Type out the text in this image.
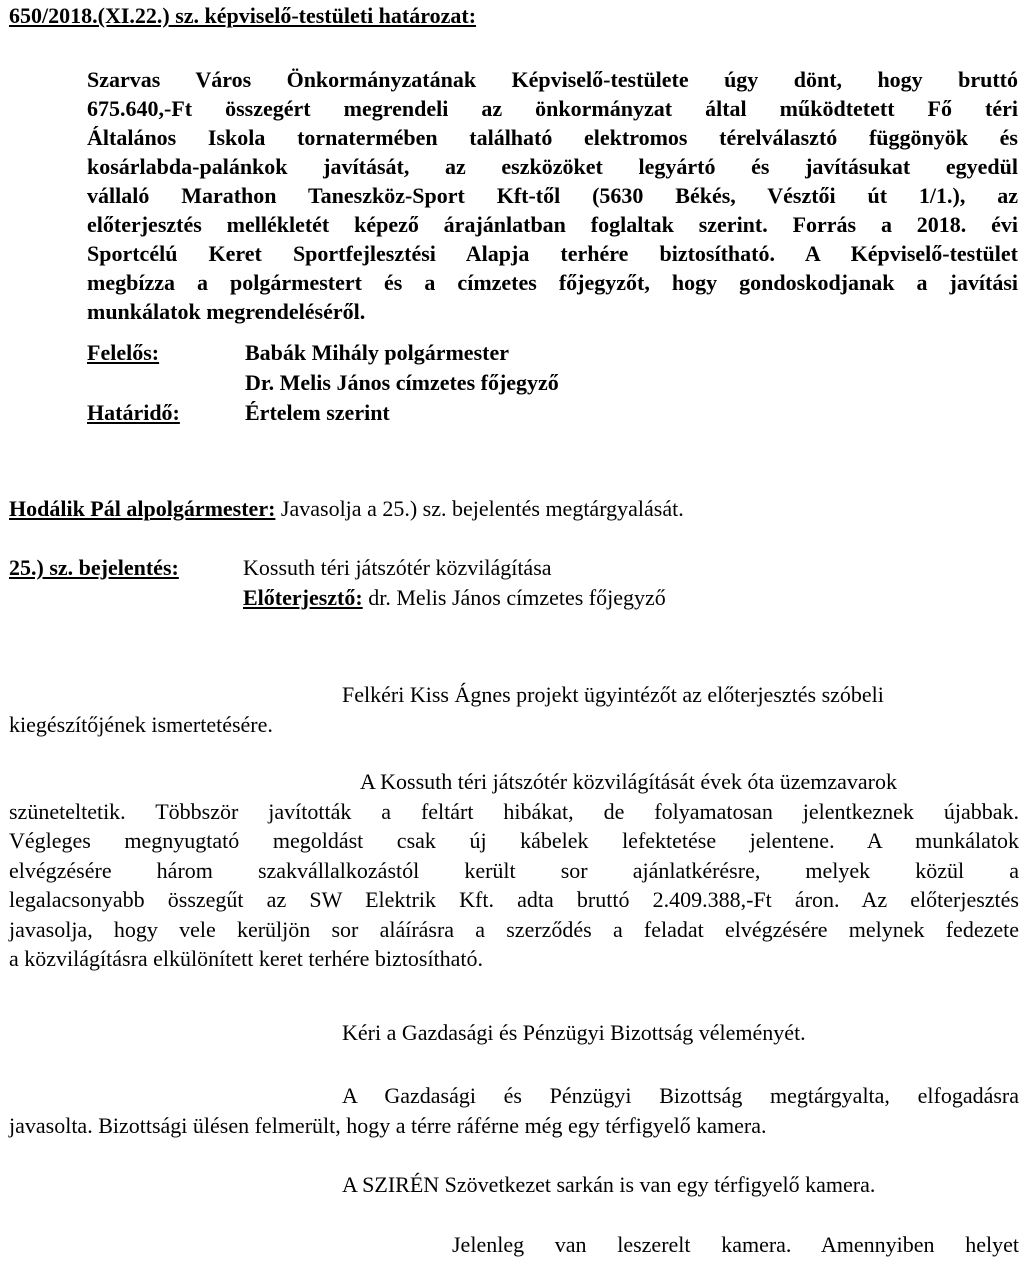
650/2018.(XI.22.) sz. képviselő-testületi határozat:
Szarvas Város Önkormányzatának Képviselő-testülete úgy dönt, hogy bruttó
675.640,-Ft összegért megrendeli az önkormányzat által működtetett Fő téri
Általános Iskola tornatermében található elektromos térelválasztó függönyök és
kosárlabda-palánkok javítását, az eszközöket legyártó és javításukat egyedül
vállaló Marathon Taneszköz-Sport Kft-től (5630 Békés, Vésztői út 1/1.), az
előterjesztés mellékletét képező árajánlatban foglaltak szerint. Forrás a 2018. évi
Sportcélú Keret Sportfejlesztési Alapja terhére biztosítható. A Képviselő-testület
megbízza a polgármestert és a címzetes főjegyzőt, hogy gondoskodjanak a javítási
munkálatok megrendeléséről.
Felelős:	Babák Mihály polgármester
Dr. Melis János címzetes főjegyző
Határidő:	Értelem szerint
Hodálik Pál alpolgármester: Javasolja a 25.) sz. bejelentés megtárgyalását.
25.) sz. bejelentés:	Kossuth téri játszótér közvilágítása
Előterjesztő: dr. Melis János címzetes főjegyző
Felkéri Kiss Ágnes projekt ügyintézőt az előterjesztés szóbeli
kiegészítőjének ismertetésére.
A Kossuth téri játszótér közvilágítását évek óta üzemzavarok
szüneteltetik. Többször javították a feltárt hibákat, de folyamatosan jelentkeznek újabbak.
Végleges megnyugtató megoldást csak új kábelek lefektetése jelentene. A munkálatok
elvégzésére három szakvállalkozástól került sor ajánlatkérésre, melyek közül a
legalacsonyabb összegűt az SW Elektrik Kft. adta bruttó 2.409.388,-Ft áron. Az előterjesztés
javasolja, hogy vele kerüljön sor aláírásra a szerződés a feladat elvégzésére melynek fedezete
a közvilágításra elkülönített keret terhére biztosítható.
Kéri a Gazdasági és Pénzügyi Bizottság véleményét.
A Gazdasági és Pénzügyi Bizottság megtárgyalta, elfogadásra
javasolta. Bizottsági ülésen felmerült, hogy a térre ráférne még egy térfigyelő kamera.
A SZIRÉN Szövetkezet sarkán is van egy térfigyelő kamera.
Jelenleg van leszerelt kamera. Amennyiben helyet
